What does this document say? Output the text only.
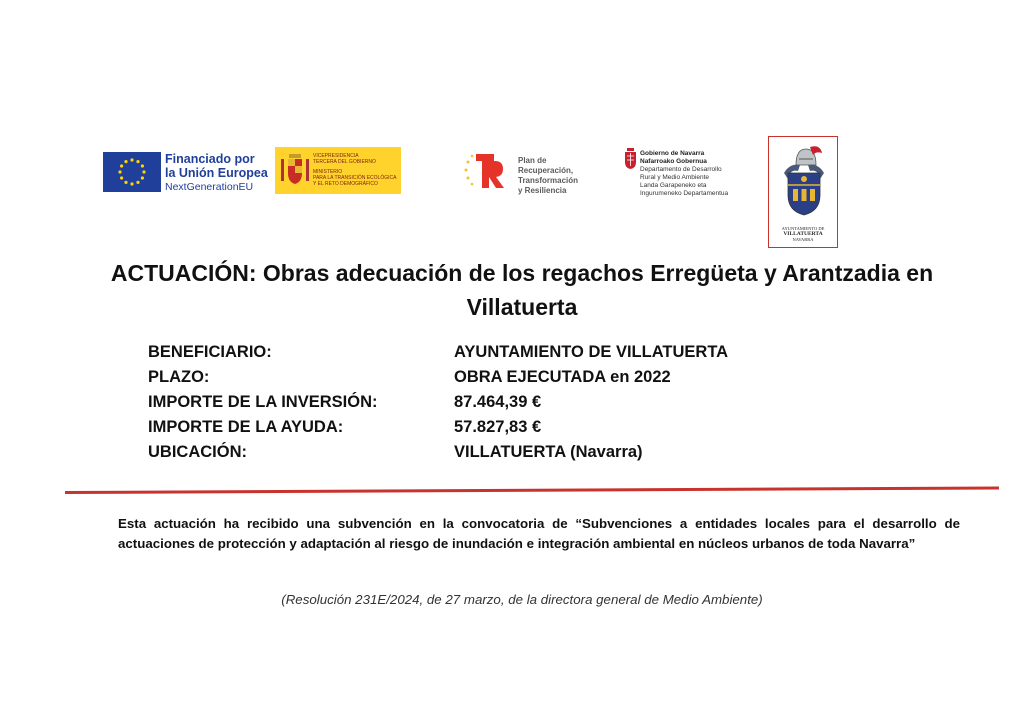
Financiado por
la Unión Europea
NextGenerationEU
VICEPRESIDENCIA
TERCERA DEL GOBIERNO
MINISTERIO
PARA LA TRANSICIÓN ECOLÓGICA
Y EL RETO DEMOGRÁFICO
Plan de
Recuperación,
Transformación
y Resiliencia
Gobierno de Navarra
Nafarroako Gobernua
Departamento de Desarrollo
Rural y Medio Ambiente
Landa Garapeneko eta
Ingurumeneko Departamentua
AYUNTAMIENTO DE
VILLATUERTA
NAVARRA
ACTUACIÓN: Obras adecuación de los regachos Erregüeta y Arantzadia en Villatuerta
BENEFICIARIO:	AYUNTAMIENTO DE VILLATUERTA
PLAZO:	OBRA EJECUTADA en 2022
IMPORTE DE LA INVERSIÓN:	87.464,39 €
IMPORTE DE LA AYUDA:	57.827,83 €
UBICACIÓN:	VILLATUERTA (Navarra)
Esta actuación ha recibido una subvención en la convocatoria de “Subvenciones a entidades locales para el desarrollo de actuaciones de protección y adaptación al riesgo de inundación e integración ambiental en núcleos urbanos de toda Navarra”
(Resolución 231E/2024, de 27 marzo, de la directora general de Medio Ambiente)
